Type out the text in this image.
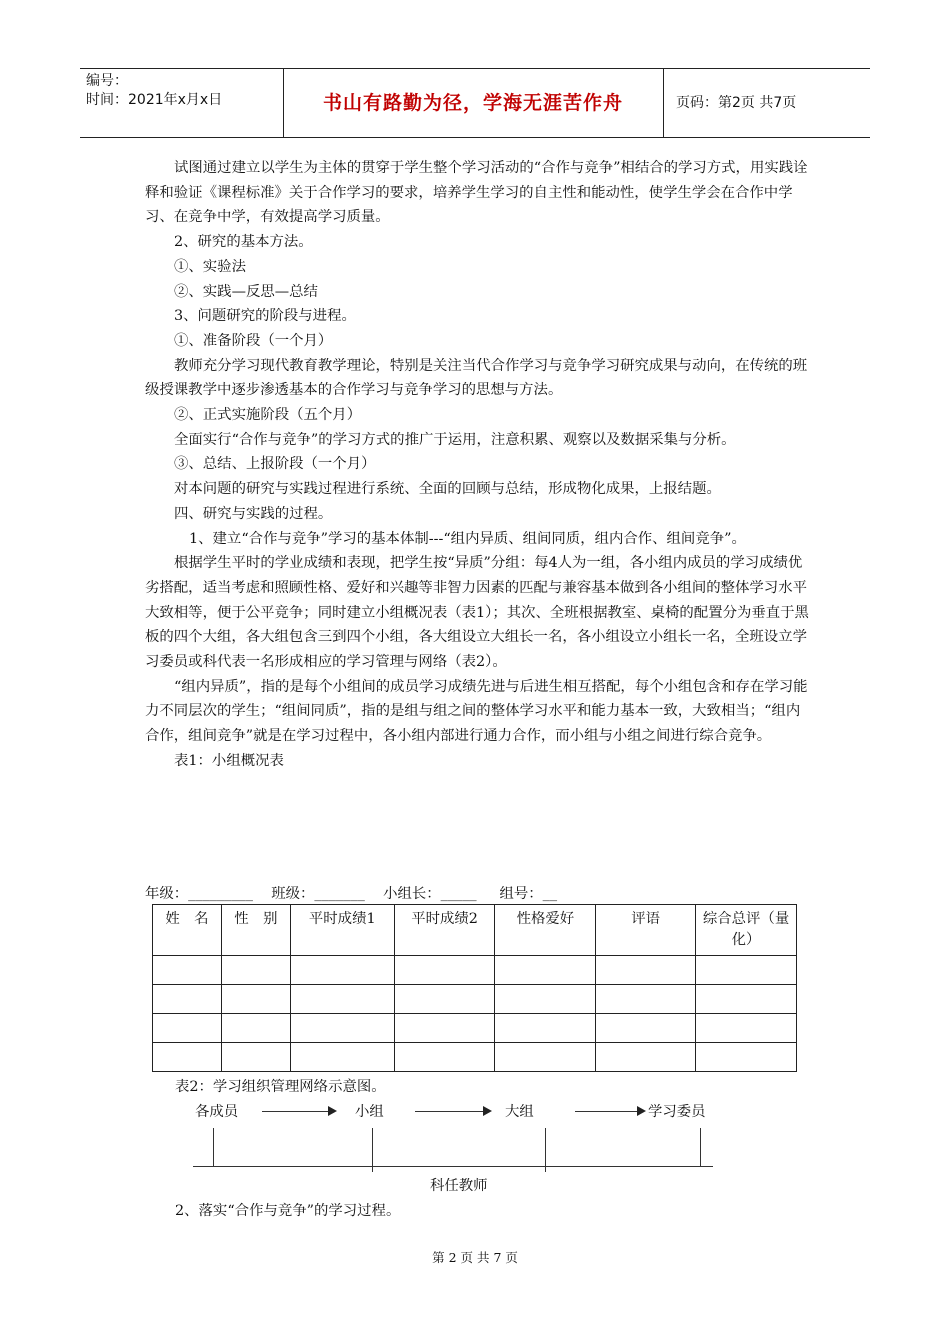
编号：
时间：2021年x月x日	书山有路勤为径，学海无涯苦作舟	页码：第2页 共7页

试图通过建立以学生为主体的贯穿于学生整个学习活动的“合作与竞争”相结合的学习方式，用实践诠释和验证《课程标准》关于合作学习的要求，培养学生学习的自主性和能动性，使学生学会在合作中学习、在竞争中学，有效提高学习质量。

2、研究的基本方法。

①、实验法

②、实践—反思—总结

3、问题研究的阶段与进程。

①、准备阶段（一个月）

教师充分学习现代教育教学理论，特别是关注当代合作学习与竞争学习研究成果与动向，在传统的班级授课教学中逐步渗透基本的合作学习与竞争学习的思想与方法。

②、正式实施阶段（五个月）

全面实行“合作与竞争”的学习方式的推广于运用，注意积累、观察以及数据采集与分析。

③、总结、上报阶段（一个月）

对本问题的研究与实践过程进行系统、全面的回顾与总结，形成物化成果，上报结题。

四、研究与实践的过程。

1、建立“合作与竞争”学习的基本体制---“组内异质、组间同质，组内合作、组间竞争”。

根据学生平时的学业成绩和表现，把学生按“异质”分组：每4人为一组，各小组内成员的学习成绩优劣搭配，适当考虑和照顾性格、爱好和兴趣等非智力因素的匹配与兼容基本做到各小组间的整体学习水平大致相等，便于公平竞争；同时建立小组概况表（表1）；其次、全班根据教室、桌椅的配置分为垂直于黑板的四个大组，各大组包含三到四个小组，各大组设立大组长一名，各小组设立小组长一名，全班设立学习委员或科代表一名形成相应的学习管理与网络（表2）。

“组内异质”，指的是每个小组间的成员学习成绩先进与后进生相互搭配，每个小组包含和存在学习能力不同层次的学生；“组间同质”，指的是组与组之间的整体学习水平和能力基本一致，大致相当；“组内合作，组间竞争”就是在学习过程中，各小组内部进行通力合作，而小组与小组之间进行综合竞争。

表1：小组概况表

年级：_________    班级：_______    小组长：_____     组号：__
姓　名	性　别	平时成绩1	平时成绩2	性格爱好	评语	综合总评（量化）

表2：学习组织管理网络示意图。
各成员	小组	大组	学习委员
科任教师
2、落实“合作与竞争”的学习过程。
第 2 页 共 7 页
